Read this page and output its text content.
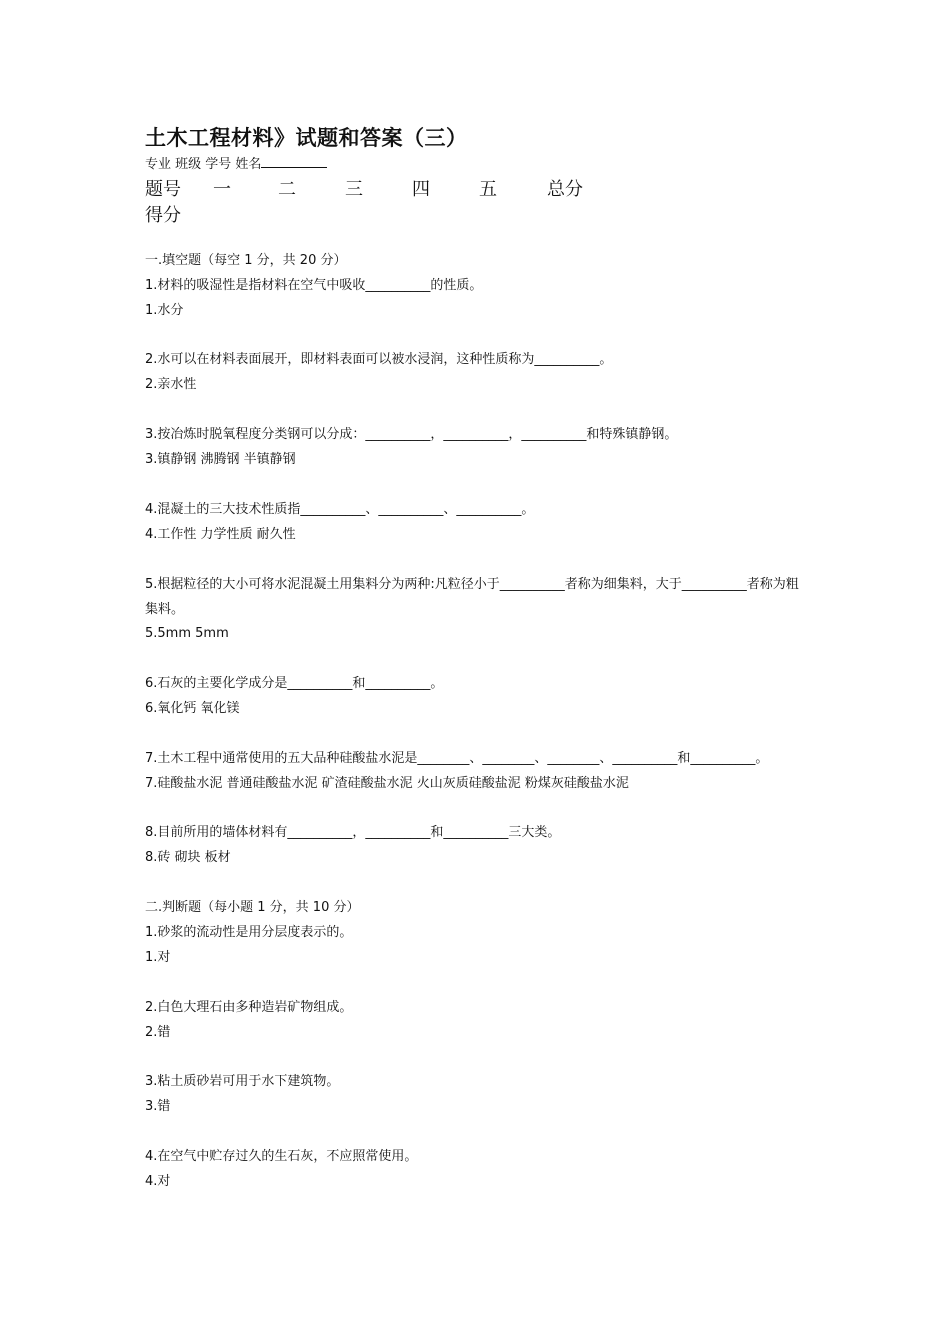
土木工程材料》试题和答案（三）
专业 班级 学号 姓名
题号 一	二	三	四	五	总分
得分
一.填空题（每空 1 分，共 20 分）
1.材料的吸湿性是指材料在空气中吸收__________的性质。
1.水分
2.水可以在材料表面展开，即材料表面可以被水浸润，这种性质称为__________。
2.亲水性
3.按冶炼时脱氧程度分类钢可以分成：__________，__________，__________和特殊镇静钢。
3.镇静钢 沸腾钢 半镇静钢
4.混凝土的三大技术性质指__________、__________、__________。
4.工作性 力学性质 耐久性
5.根据粒径的大小可将水泥混凝土用集料分为两种:凡粒径小于__________者称为细集料，大于__________者称为粗集料。
5.5mm 5mm
6.石灰的主要化学成分是__________和__________。
6.氧化钙 氧化镁
7.土木工程中通常使用的五大品种硅酸盐水泥是________、________、________、__________和__________。
7.硅酸盐水泥 普通硅酸盐水泥 矿渣硅酸盐水泥 火山灰质硅酸盐泥 粉煤灰硅酸盐水泥
8.目前所用的墙体材料有__________，__________和__________三大类。
8.砖 砌块 板材
二.判断题（每小题 1 分，共 10 分）
1.砂浆的流动性是用分层度表示的。
1.对
2.白色大理石由多种造岩矿物组成。
2.错
3.粘土质砂岩可用于水下建筑物。
3.错
4.在空气中贮存过久的生石灰，不应照常使用。
4.对
